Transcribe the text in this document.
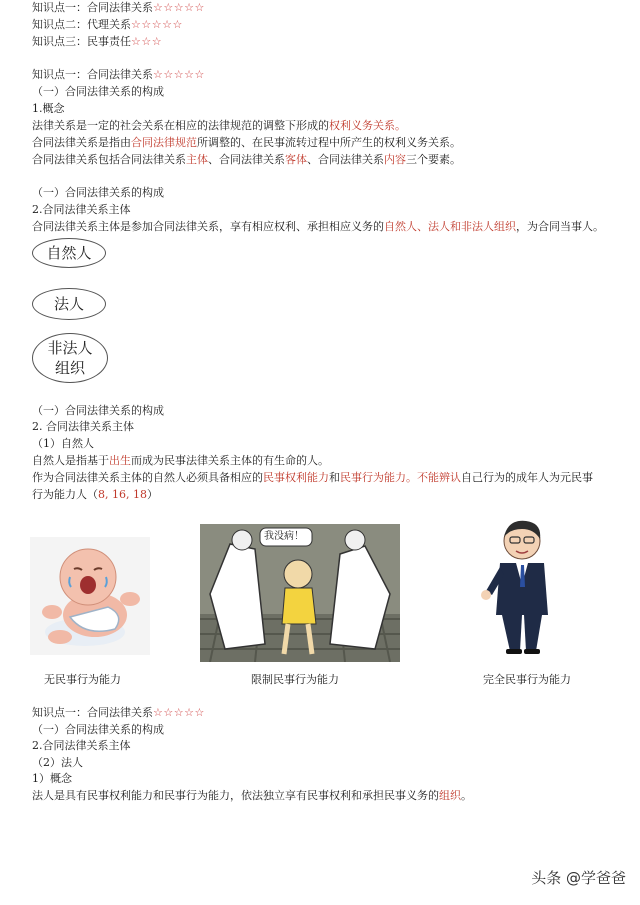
知识点一：合同法律关系☆☆☆☆☆
知识点二：代理关系☆☆☆☆☆
知识点三：民事责任☆☆☆
知识点一：合同法律关系☆☆☆☆☆
（一）合同法律关系的构成
1.概念
法律关系是一定的社会关系在相应的法律规范的调整下形成的权利义务关系。
合同法律关系是指由合同法律规范所调整的、在民事流转过程中所产生的权利义务关系。
合同法律关系包括合同法律关系主体、合同法律关系客体、合同法律关系内容三个要素。
（一）合同法律关系的构成
2.合同法律关系主体
合同法律关系主体是参加合同法律关系，享有相应权利、承担相应义务的自然人、法人和非法人组织，为合同当事人。
自然人
法人
非法人
组织
（一）合同法律关系的构成
2. 合同法律关系主体
（1）自然人
自然人是指基于出生而成为民事法律关系主体的有生命的人。
作为合同法律关系主体的自然人必须具备相应的民事权利能力和民事行为能力。不能辨认自己行为的成年人为元民事
行为能力人（8, 16, 18）
无民事行为能力
我没病！
限制民事行为能力	完全民事行为能力
知识点一：合同法律关系☆☆☆☆☆
（一）合同法律关系的构成
2.合同法律关系主体
（2）法人
1）概念
法人是具有民事权利能力和民事行为能力，依法独立享有民事权利和承担民事义务的组织。
头条 @学爸爸
